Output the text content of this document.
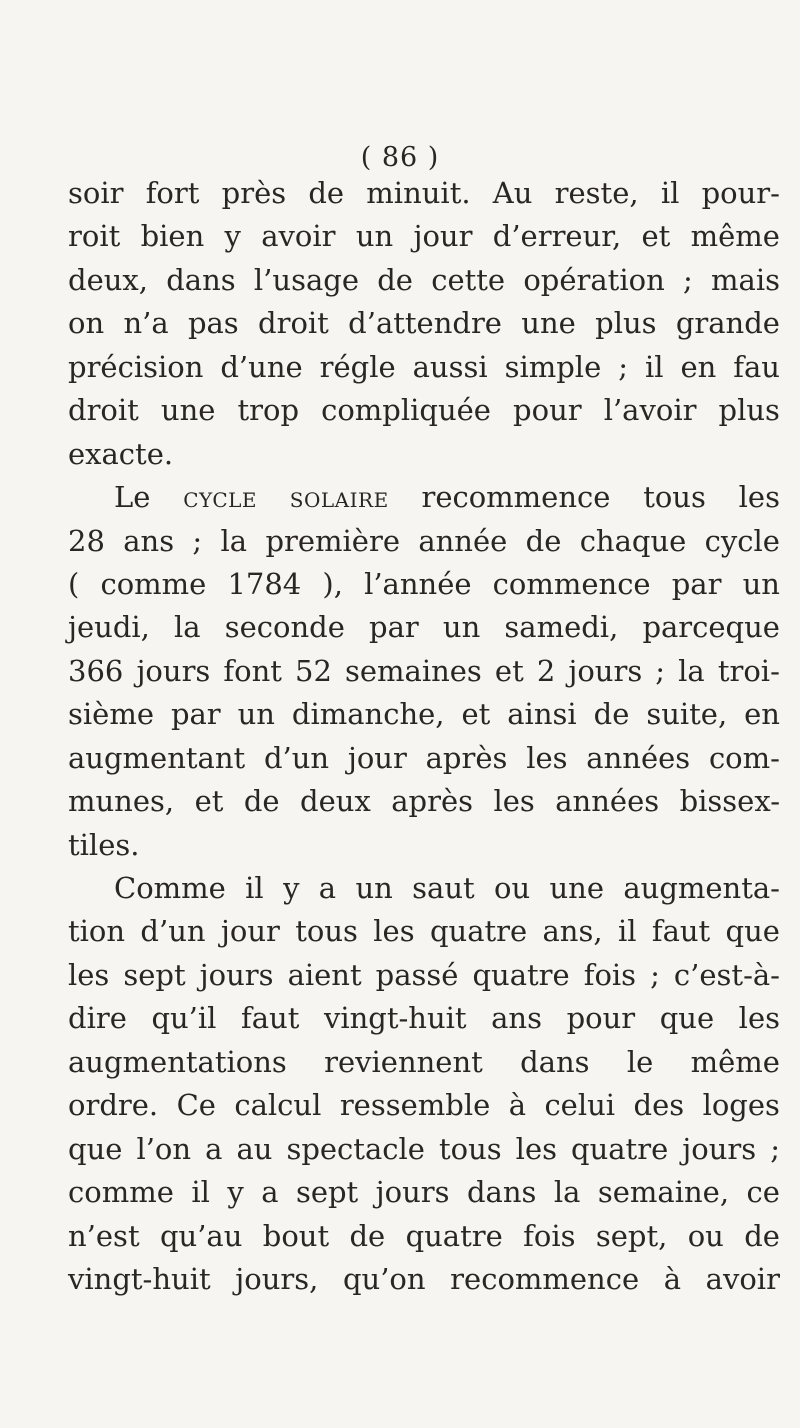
( 86 )
soir fort près de minuit. Au reste, il pour-
roit bien y avoir un jour d’erreur, et même
deux, dans l’usage de cette opération ; mais
on n’a pas droit d’attendre une plus grande
précision d’une régle aussi simple ; il en fau
droit une trop compliquée pour l’avoir plus
exacte.
Le cycle solaire recommence tous les
28 ans ; la première année de chaque cycle
( comme 1784 ), l’année commence par un
jeudi, la seconde par un samedi, parceque
366 jours font 52 semaines et 2 jours ; la troi-
sième par un dimanche, et ainsi de suite, en
augmentant d’un jour après les années com-
munes, et de deux après les années bissex-
tiles.
Comme il y a un saut ou une augmenta-
tion d’un jour tous les quatre ans, il faut que
les sept jours aient passé quatre fois ; c’est-à-
dire qu’il faut vingt-huit ans pour que les
augmentations reviennent dans le même
ordre. Ce calcul ressemble à celui des loges
que l’on a au spectacle tous les quatre jours ;
comme il y a sept jours dans la semaine, ce
n’est qu’au bout de quatre fois sept, ou de
vingt-huit jours, qu’on recommence à avoir
